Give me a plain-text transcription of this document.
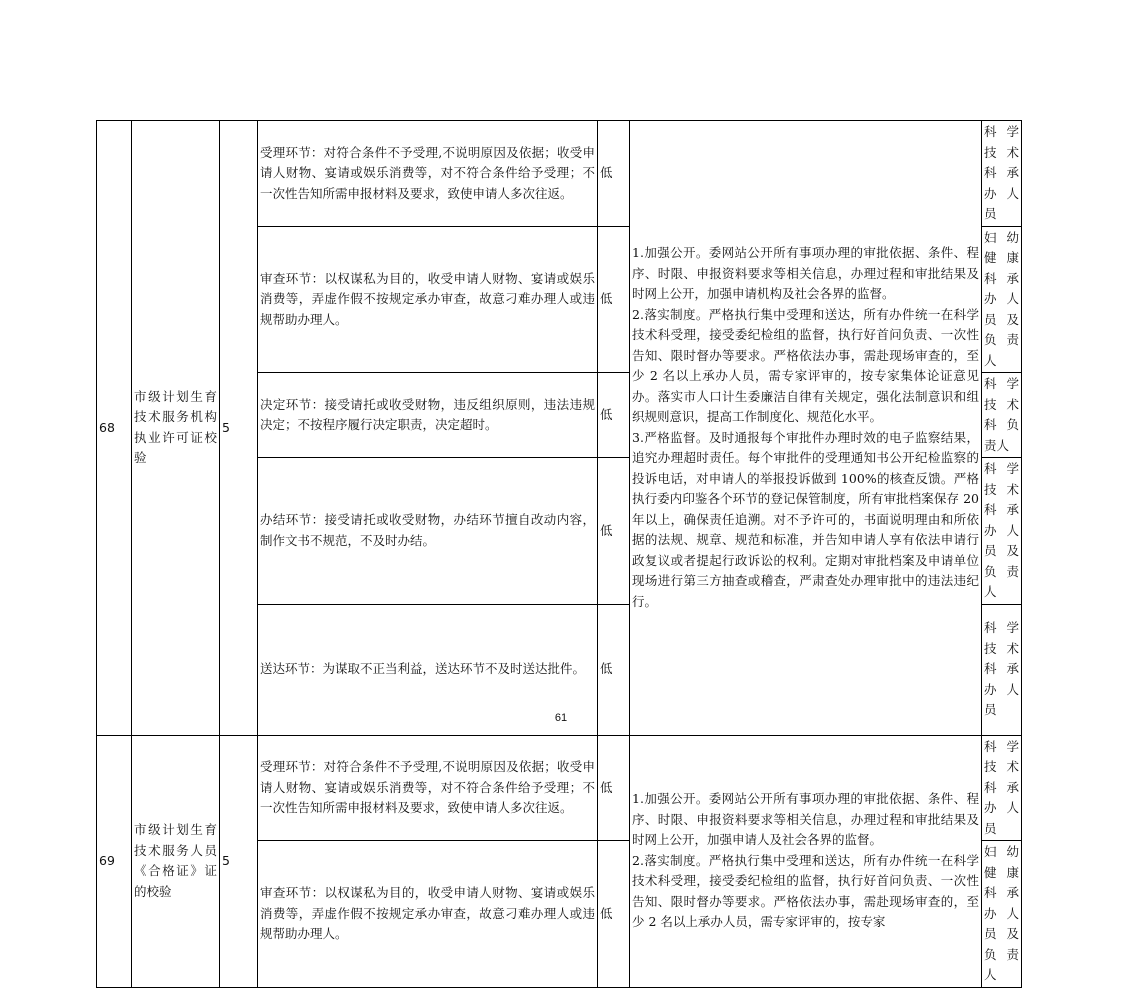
68	市级计划生育技术服务机构执业许可证校验	5	受理环节：对符合条件不予受理,不说明原因及依据；收受申请人财物、宴请或娱乐消费等，对不符合条件给予受理；不一次性告知所需申报材料及要求，致使申请人多次往返。	低	1.加强公开。委网站公开所有事项办理的审批依据、条件、程序、时限、申报资料要求等相关信息，办理过程和审批结果及时网上公开，加强申请机构及社会各界的监督。

2.落实制度。严格执行集中受理和送达，所有办件统一在科学技术科受理，接受委纪检组的监督，执行好首问负责、一次性告知、限时督办等要求。严格依法办事，需赴现场审查的，至少 2 名以上承办人员，需专家评审的，按专家集体论证意见办。落实市人口计生委廉洁自律有关规定，强化法制意识和组织规则意识，提高工作制度化、规范化水平。

3.严格监督。及时通报每个审批件办理时效的电子监察结果，追究办理超时责任。每个审批件的受理通知书公开纪检监察的投诉电话，对申请人的举报投诉做到 100%的核查反馈。严格执行委内印鉴各个环节的登记保管制度，所有审批档案保存 20 年以上，确保责任追溯。对不予许可的，书面说明理由和所依据的法规、规章、规范和标准，并告知申请人享有依法申请行政复议或者提起行政诉讼的权利。定期对审批档案及申请单位现场进行第三方抽查或稽查，严肃查处办理审批中的违法违纪行。	科学技术科承办人员
			审查环节：以权谋私为目的，收受申请人财物、宴请或娱乐消费等，弄虚作假不按规定承办审查，故意刁难办理人或违规帮助办理人。	低		妇幼健康科承办人员及负责人
			决定环节：接受请托或收受财物，违反组织原则，违法违规决定；不按程序履行决定职责，决定超时。	低		科学技术科负责人
			办结环节：接受请托或收受财物，办结环节擅自改动内容，制作文书不规范，不及时办结。	低		科学技术科承办人员及负责人
			送达环节：为谋取不正当利益，送达环节不及时送达批件。	低		科学技术科承办人员
69	市级计划生育技术服务人员《合格证》证的校验	5	受理环节：对符合条件不予受理,不说明原因及依据；收受申请人财物、宴请或娱乐消费等，对不符合条件给予受理；不一次性告知所需申报材料及要求，致使申请人多次往返。	低	1.加强公开。委网站公开所有事项办理的审批依据、条件、程序、时限、申报资料要求等相关信息，办理过程和审批结果及时网上公开，加强申请人及社会各界的监督。

2.落实制度。严格执行集中受理和送达，所有办件统一在科学技术科受理，接受委纪检组的监督，执行好首问负责、一次性告知、限时督办等要求。严格依法办事，需赴现场审查的，至少 2 名以上承办人员，需专家评审的，按专家	科学技术科承办人员
			审查环节：以权谋私为目的，收受申请人财物、宴请或娱乐消费等，弄虚作假不按规定承办审查，故意刁难办理人或违规帮助办理人。	低		妇幼健康科承办人员及负责人
61
